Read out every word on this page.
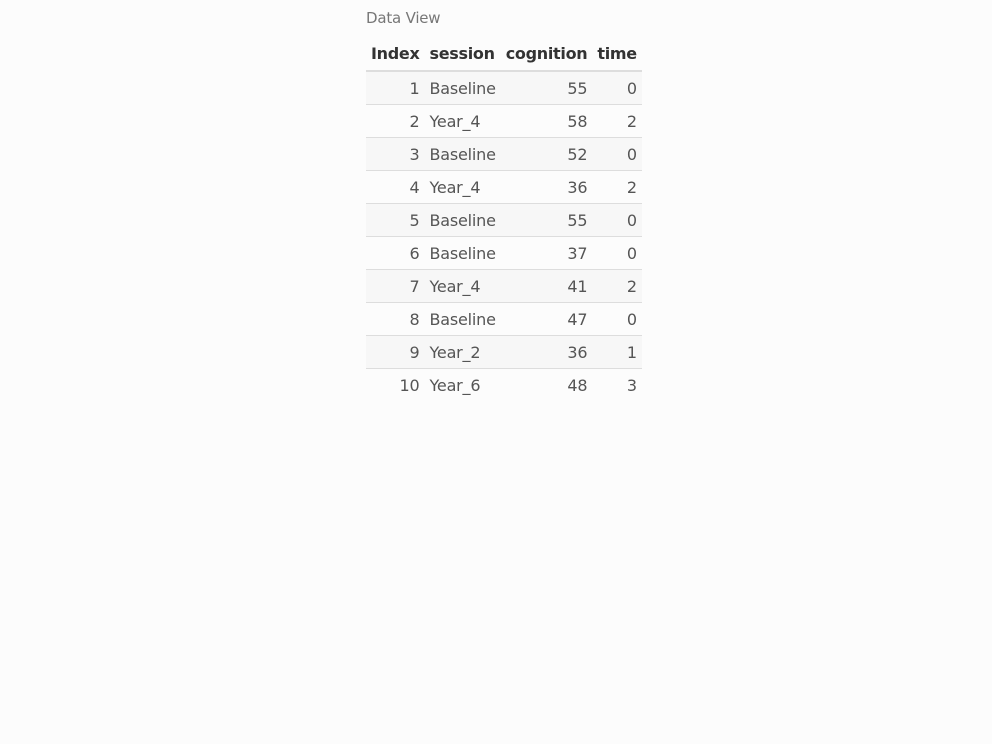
Data View
Index	session	cognition	time
1	Baseline	55	0
2	Year_4	58	2
3	Baseline	52	0
4	Year_4	36	2
5	Baseline	55	0
6	Baseline	37	0
7	Year_4	41	2
8	Baseline	47	0
9	Year_2	36	1
10	Year_6	48	3
